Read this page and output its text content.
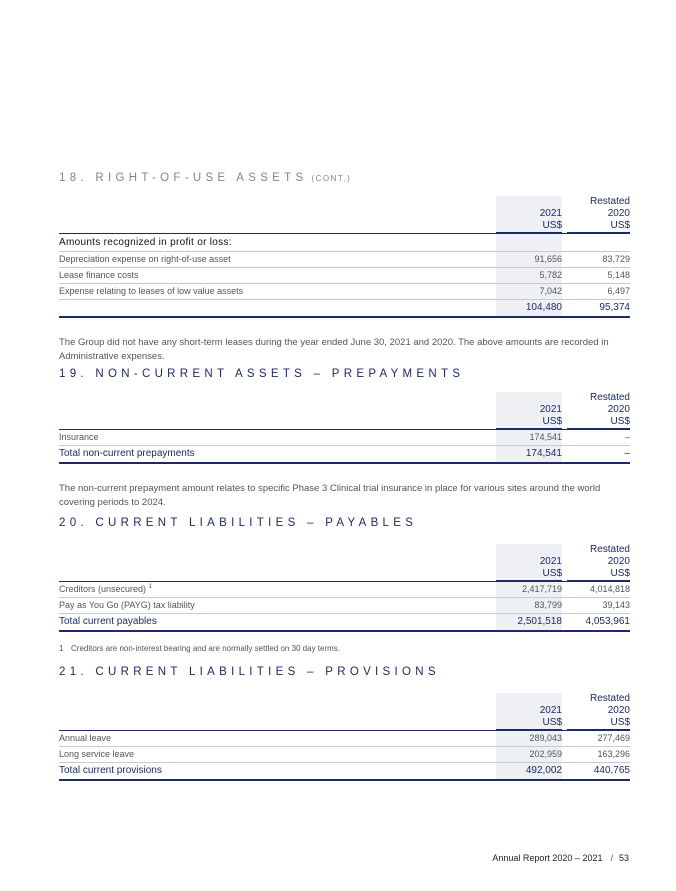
18. RIGHT-OF-USE ASSETS (CONT.)
			Restated
	2021		2020
	US$		US$
Amounts recognized in profit or loss:			
Depreciation expense on right-of-use asset	91,656		83,729
Lease finance costs	5,782		5,148
Expense relating to leases of low value assets	7,042		6,497
	104,480		95,374

The Group did not have any short-term leases during the year ended June 30, 2021 and 2020. The above amounts are recorded in Administrative expenses.

19. NON-CURRENT ASSETS – PREPAYMENTS
			Restated
	2021		2020
	US$		US$
Insurance	174,541		–
Total non-current prepayments	174,541		–

The non-current prepayment amount relates to specific Phase 3 Clinical trial insurance in place for various sites around the world covering periods to 2024.

20. CURRENT LIABILITIES – PAYABLES
			Restated
	2021		2020
	US$		US$
Creditors (unsecured) $^1$	2,417,719		4,014,818
Pay as You Go (PAYG) tax liability	83,799		39,143
Total current payables	2,501,518		4,053,961
1 Creditors are non-interest bearing and are normally settled on 30 day terms.
21. CURRENT LIABILITIES – PROVISIONS
			Restated
	2021		2020
	US$		US$
Annual leave	289,043		277,469
Long service leave	202,959		163,296
Total current provisions	492,002		440,765
Annual Report 2020 – 2021 / 53
